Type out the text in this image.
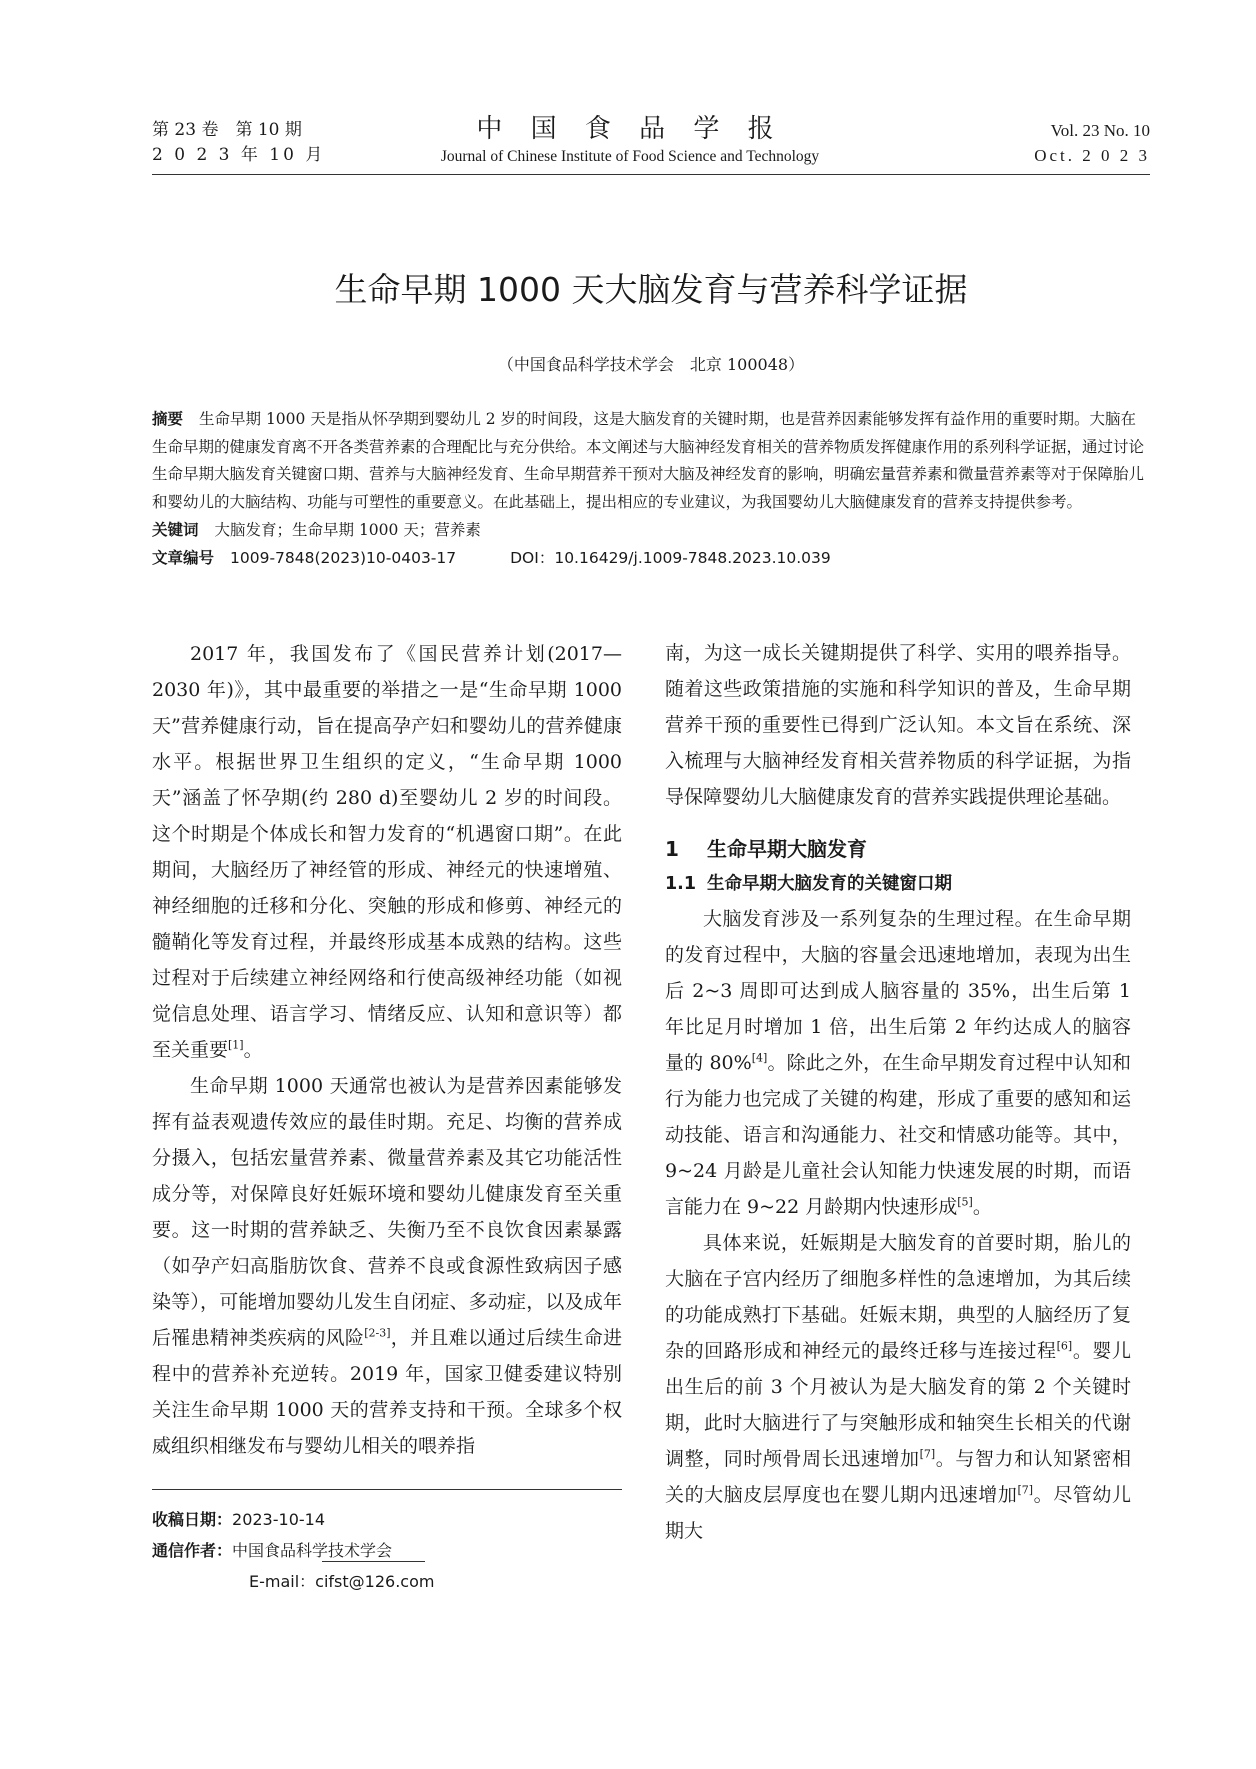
第 23 卷　第 10 期
2 0 2 3 年 10 月
中 国 食 品 学 报
Journal of Chinese Institute of Food Science and Technology
Vol. 23 No. 10
Oct. 2 0 2 3
生命早期 1000 天大脑发育与营养科学证据
（中国食品科学技术学会　北京 100048）
摘要 生命早期 1000 天是指从怀孕期到婴幼儿 2 岁的时间段，这是大脑发育的关键时期，也是营养因素能够发挥有益作用的重要时期。大脑在生命早期的健康发育离不开各类营养素的合理配比与充分供给。本文阐述与大脑神经发育相关的营养物质发挥健康作用的系列科学证据，通过讨论生命早期大脑发育关键窗口期、营养与大脑神经发育、生命早期营养干预对大脑及神经发育的影响，明确宏量营养素和微量营养素等对于保障胎儿和婴幼儿的大脑结构、功能与可塑性的重要意义。在此基础上，提出相应的专业建议，为我国婴幼儿大脑健康发育的营养支持提供参考。
关键词 大脑发育；生命早期 1000 天；营养素
文章编号 1009-7848(2023)10-0403-17	DOI：10.16429/j.1009-7848.2023.10.039

2017 年，我国发布了《国民营养计划(2017—2030 年)》，其中最重要的举措之一是“生命早期 1000 天”营养健康行动，旨在提高孕产妇和婴幼儿的营养健康水平。根据世界卫生组织的定义，“生命早期 1000 天”涵盖了怀孕期(约 280 d)至婴幼儿 2 岁的时间段。这个时期是个体成长和智力发育的“机遇窗口期”。在此期间，大脑经历了神经管的形成、神经元的快速增殖、神经细胞的迁移和分化、突触的形成和修剪、神经元的髓鞘化等发育过程，并最终形成基本成熟的结构。这些过程对于后续建立神经网络和行使高级神经功能（如视觉信息处理、语言学习、情绪反应、认知和意识等）都至关重要[1]。

生命早期 1000 天通常也被认为是营养因素能够发挥有益表观遗传效应的最佳时期。充足、均衡的营养成分摄入，包括宏量营养素、微量营养素及其它功能活性成分等，对保障良好妊娠环境和婴幼儿健康发育至关重要。这一时期的营养缺乏、失衡乃至不良饮食因素暴露（如孕产妇高脂肪饮食、营养不良或食源性致病因子感染等），可能增加婴幼儿发生自闭症、多动症，以及成年后罹患精神类疾病的风险[2-3]，并且难以通过后续生命进程中的营养补充逆转。2019 年，国家卫健委建议特别关注生命早期 1000 天的营养支持和干预。全球多个权威组织相继发布与婴幼儿相关的喂养指

南，为这一成长关键期提供了科学、实用的喂养指导。随着这些政策措施的实施和科学知识的普及，生命早期营养干预的重要性已得到广泛认知。本文旨在系统、深入梳理与大脑神经发育相关营养物质的科学证据，为指导保障婴幼儿大脑健康发育的营养实践提供理论基础。

1 生命早期大脑发育
1.1 生命早期大脑发育的关键窗口期

大脑发育涉及一系列复杂的生理过程。在生命早期的发育过程中，大脑的容量会迅速地增加，表现为出生后 2~3 周即可达到成人脑容量的 35%，出生后第 1 年比足月时增加 1 倍，出生后第 2 年约达成人的脑容量的 80%[4]。除此之外，在生命早期发育过程中认知和行为能力也完成了关键的构建，形成了重要的感知和运动技能、语言和沟通能力、社交和情感功能等。其中，9~24 月龄是儿童社会认知能力快速发展的时期，而语言能力在 9~22 月龄期内快速形成[5]。

具体来说，妊娠期是大脑发育的首要时期，胎儿的大脑在子宫内经历了细胞多样性的急速增加，为其后续的功能成熟打下基础。妊娠末期，典型的人脑经历了复杂的回路形成和神经元的最终迁移与连接过程[6]。婴儿出生后的前 3 个月被认为是大脑发育的第 2 个关键时期，此时大脑进行了与突触形成和轴突生长相关的代谢调整，同时颅骨周长迅速增加[7]。与智力和认知紧密相关的大脑皮层厚度也在婴儿期内迅速增加[7]。尽管幼儿期大

收稿日期：2023-10-14
通信作者：中国食品科学技术学会
E-mail：cifst@126.com
